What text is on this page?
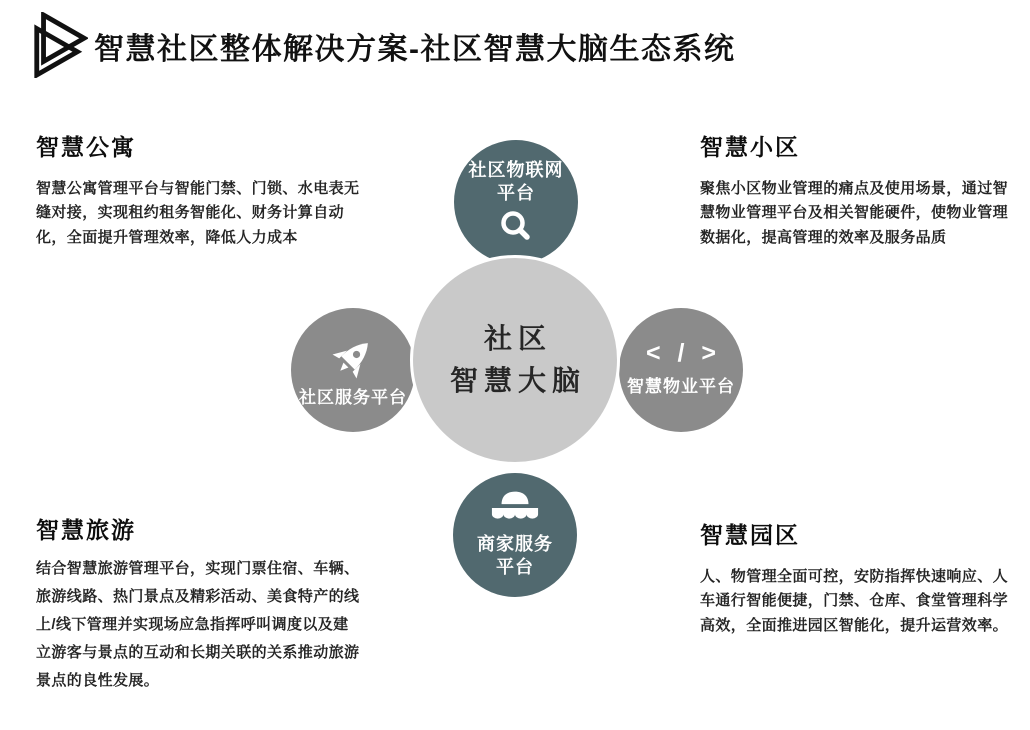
智慧社区整体解决方案-社区智慧大脑生态系统
智慧公寓

智慧公寓管理平台与智能门禁、门锁、水电表无缝对接，实现租约租务智能化、财务计算自动化，全面提升管理效率，降低人力成本

智慧小区

聚焦小区物业管理的痛点及使用场景，通过智慧物业管理平台及相关智能硬件，使物业管理数据化，提高管理的效率及服务品质

智慧旅游

结合智慧旅游管理平台，实现门票住宿、车辆、旅游线路、热门景点及精彩活动、美食特产的线上/线下管理并实现场应急指挥呼叫调度以及建立游客与景点的互动和长期关联的关系推动旅游景点的良性发展。

智慧园区

人、物管理全面可控，安防指挥快速响应、人车通行智能便捷，门禁、仓库、食堂管理科学高效，全面推进园区智能化，提升运营效率。

社区物联网
平台
社区服务平台
< / >
智慧物业平台
商家服务
平台
社区
智慧大脑
